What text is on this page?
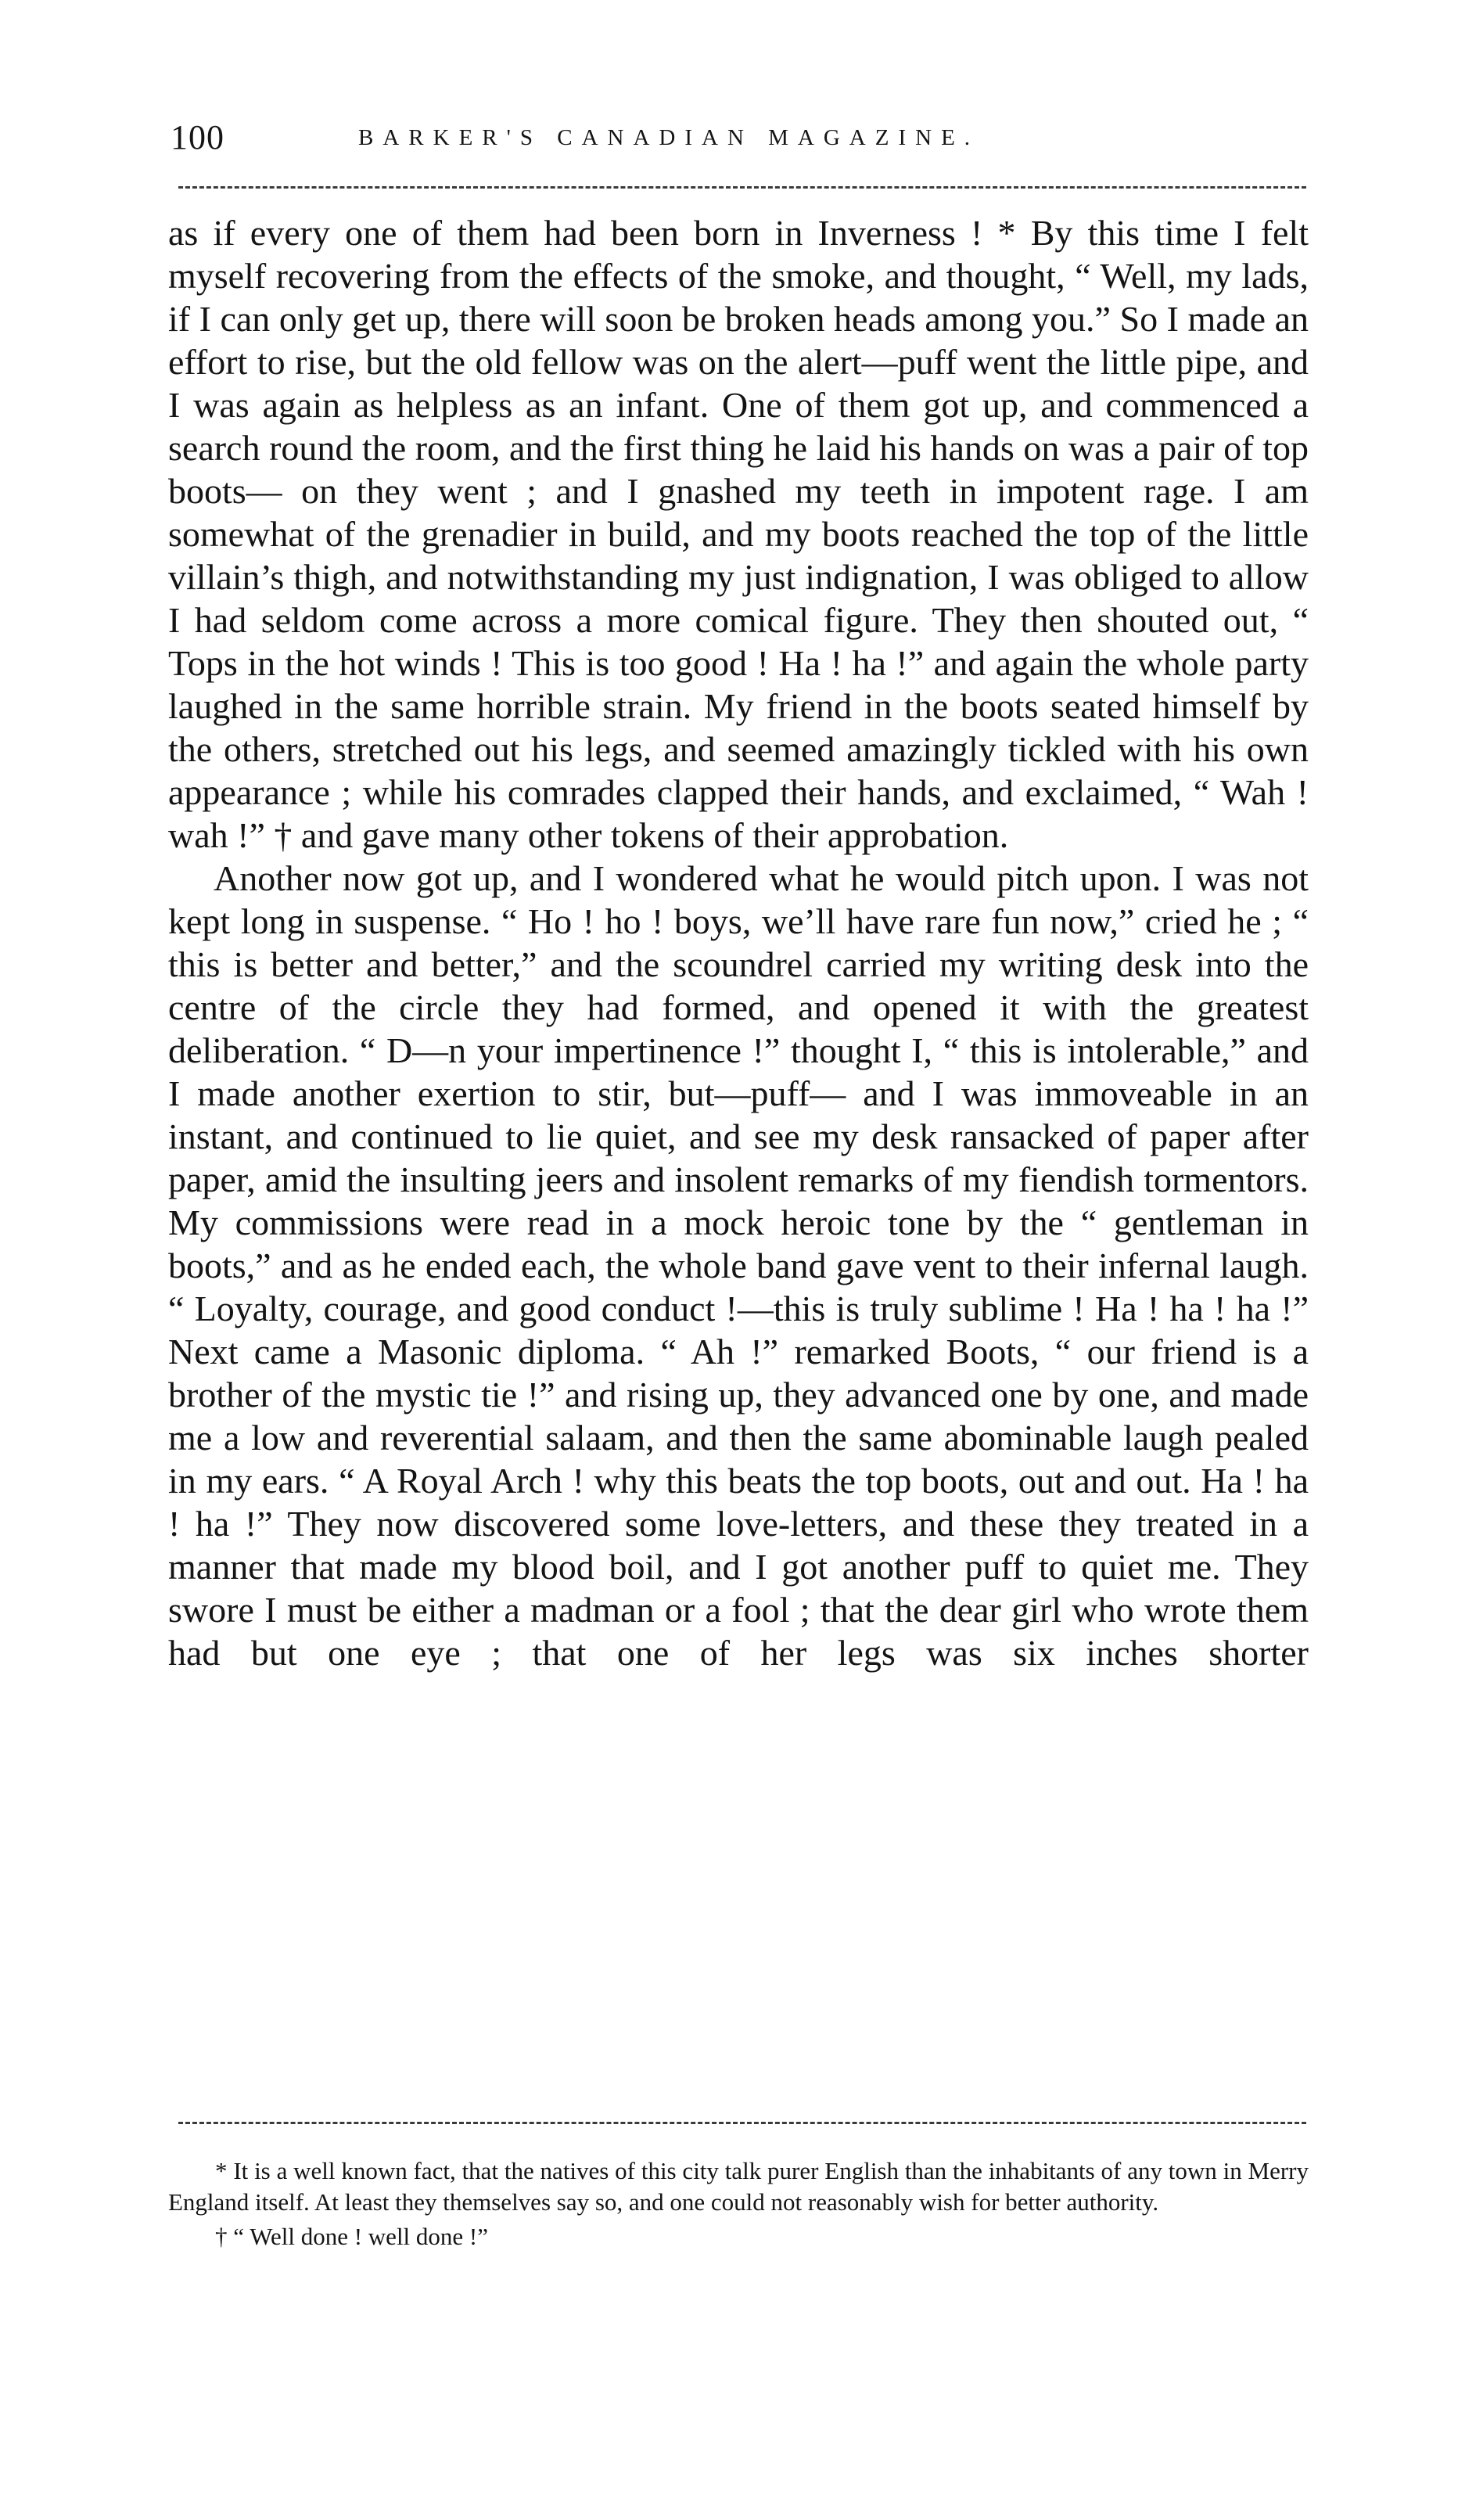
100	BARKER'S CANADIAN MAGAZINE.

as if every one of them had been born in Inverness ! * By this time I felt myself recovering from the effects of the smoke, and thought, “ Well, my lads, if I can only get up, there will soon be broken heads among you.” So I made an effort to rise, but the old fellow was on the alert—puff went the little pipe, and I was again as helpless as an infant. One of them got up, and commenced a search round the room, and the first thing he laid his hands on was a pair of top boots— on they went ; and I gnashed my teeth in impotent rage. I am somewhat of the grenadier in build, and my boots reached the top of the little villain’s thigh, and notwithstanding my just indignation, I was obliged to allow I had seldom come across a more comical figure. They then shouted out, “ Tops in the hot winds ! This is too good ! Ha ! ha !” and again the whole party laughed in the same horrible strain. My friend in the boots seated himself by the others, stretched out his legs, and seemed amazingly tickled with his own appearance ; while his comrades clapped their hands, and exclaimed, “ Wah ! wah !” † and gave many other tokens of their approbation.

Another now got up, and I wondered what he would pitch upon. I was not kept long in suspense. “ Ho ! ho ! boys, we’ll have rare fun now,” cried he ; “ this is better and better,” and the scoundrel carried my writing desk into the centre of the circle they had formed, and opened it with the greatest deliberation. “ D—n your impertinence !” thought I, “ this is intolerable,” and I made another exertion to stir, but—puff— and I was immoveable in an instant, and continued to lie quiet, and see my desk ransacked of paper after paper, amid the insulting jeers and insolent remarks of my fiendish tormentors. My commissions were read in a mock heroic tone by the “ gentleman in boots,” and as he ended each, the whole band gave vent to their infernal laugh. “ Loyalty, courage, and good conduct !—this is truly sublime ! Ha ! ha ! ha !” Next came a Masonic diploma. “ Ah !” remarked Boots, “ our friend is a brother of the mystic tie !” and rising up, they advanced one by one, and made me a low and reverential salaam, and then the same abominable laugh pealed in my ears. “ A Royal Arch ! why this beats the top boots, out and out. Ha ! ha ! ha !” They now discovered some love-letters, and these they treated in a manner that made my blood boil, and I got another puff to quiet me. They swore I must be either a madman or a fool ; that the dear girl who wrote them had but one eye ; that one of her legs was six inches shorter

* It is a well known fact, that the natives of this city talk purer English than the inhabitants of any town in Merry England itself. At least they themselves say so, and one could not reasonably wish for better authority.

† “ Well done ! well done !”
